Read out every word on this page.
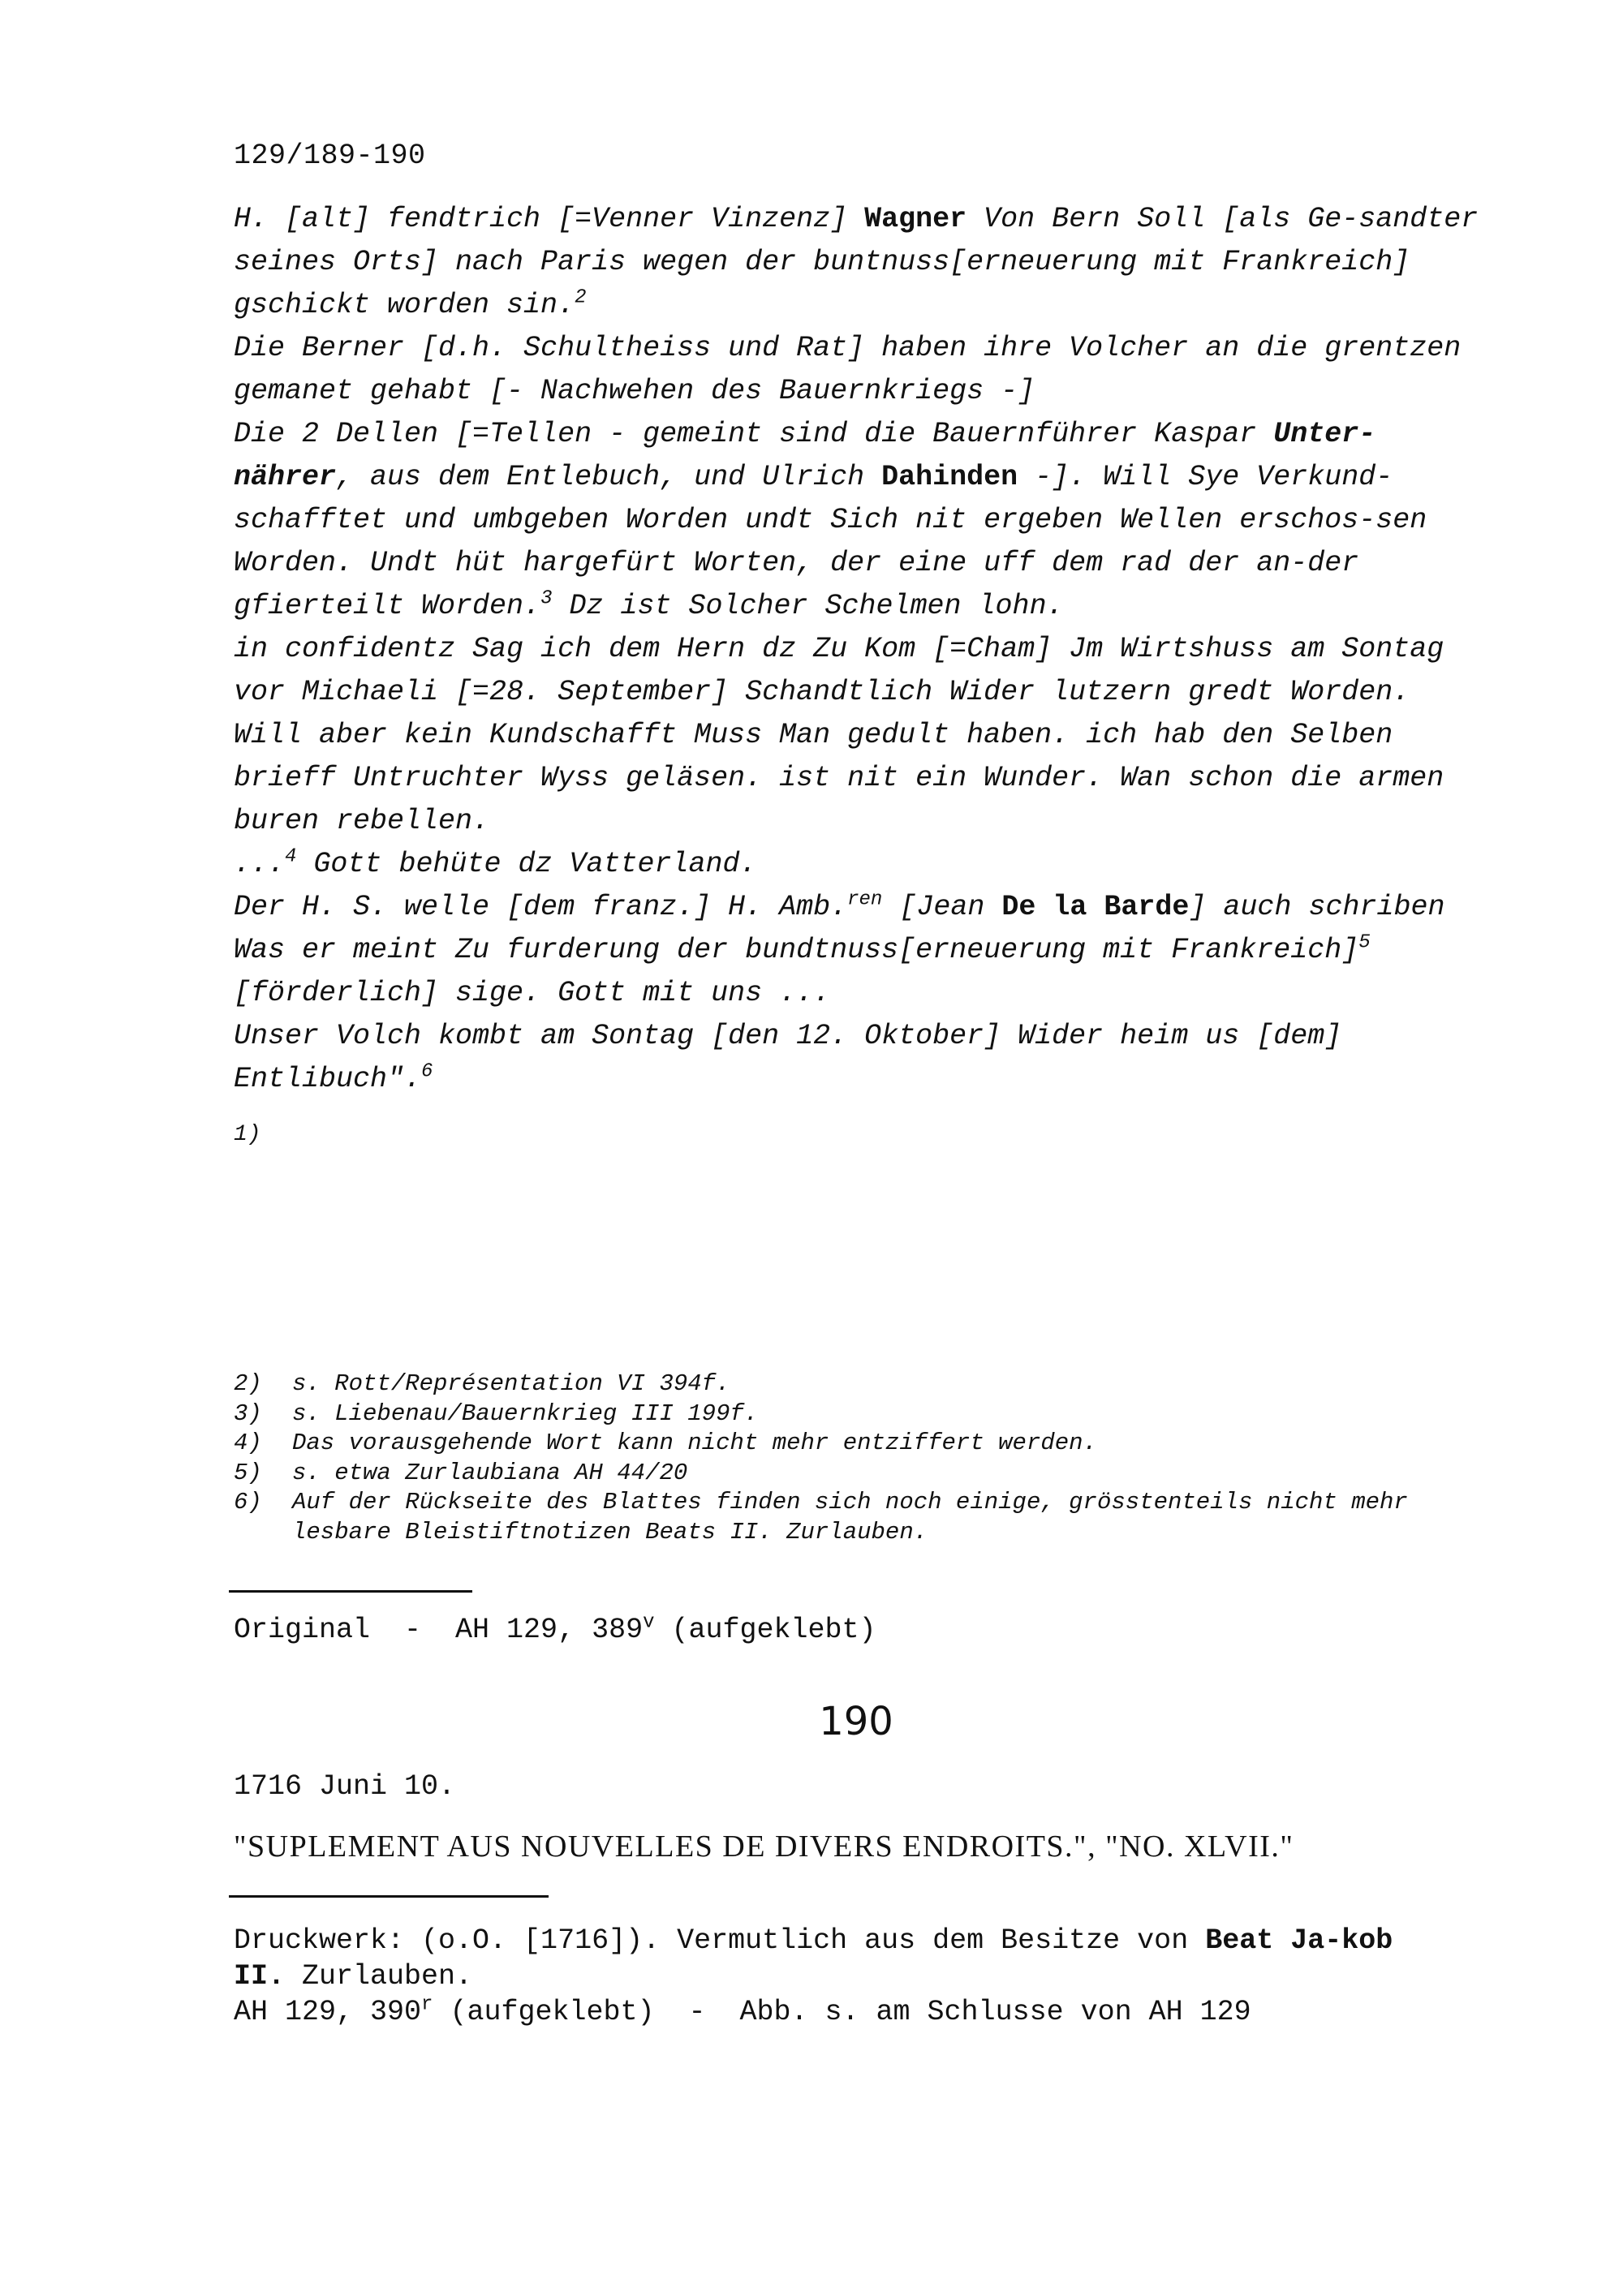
129/189-190

H. [alt] fendtrich [=Venner Vinzenz] Wagner Von Bern Soll [als Ge-sandter seines Orts] nach Paris wegen der buntnuss[erneuerung mit Frankreich] gschickt worden sin.$^2$

Die Berner [d.h. Schultheiss und Rat] haben ihre Volcher an die grentzen gemanet gehabt [- Nachwehen des Bauernkriegs -]

Die 2 Dellen [=Tellen - gemeint sind die Bauernführer Kaspar Unter-nährer, aus dem Entlebuch, und Ulrich Dahinden -]. Will Sye Verkund-schafftet und umbgeben Worden undt Sich nit ergeben Wellen erschos-sen Worden. Undt hüt hargefürt Worten, der eine uff dem rad der an-der gfierteilt Worden.$^3$ Dz ist Solcher Schelmen lohn.

in confidentz Sag ich dem Hern dz Zu Kom [=Cham] Jm Wirtshuss am Sontag vor Michaeli [=28. September] Schandtlich Wider lutzern gredt Worden. Will aber kein Kundschafft Muss Man gedult haben. ich hab den Selben brieff Untruchter Wyss geläsen. ist nit ein Wunder. Wan schon die armen buren rebellen.

...$^4$ Gott behüte dz Vatterland.

Der H. S. welle [dem franz.] H. Amb.$^{ren}$ [Jean De la Barde] auch schriben Was er meint Zu furderung der bundtnuss[erneuerung mit Frankreich]$^5$ [förderlich] sige. Gott mit uns ...

Unser Volch kombt am Sontag [den 12. Oktober] Wider heim us [dem] Entlibuch".$^6$

1)
2)	s. Rott/Représentation VI 394f.
3)	s. Liebenau/Bauernkrieg III 199f.
4)	Das vorausgehende Wort kann nicht mehr entziffert werden.
5)	s. etwa Zurlaubiana AH 44/20
6)	Auf der Rückseite des Blattes finden sich noch einige, grösstenteils nicht mehr lesbare Bleistiftnotizen Beats II. Zurlauben.
Original  -  AH 129, 389$^v$ (aufgeklebt)
190
1716 Juni 10.
"SUPLEMENT AUS NOUVELLES DE DIVERS ENDROITS.", "NO. XLVII."

Druckwerk: (o.O. [1716]). Vermutlich aus dem Besitze von Beat Ja-kob II. Zurlauben.

AH 129, 390$^r$ (aufgeklebt)  -  Abb. s. am Schlusse von AH 129
